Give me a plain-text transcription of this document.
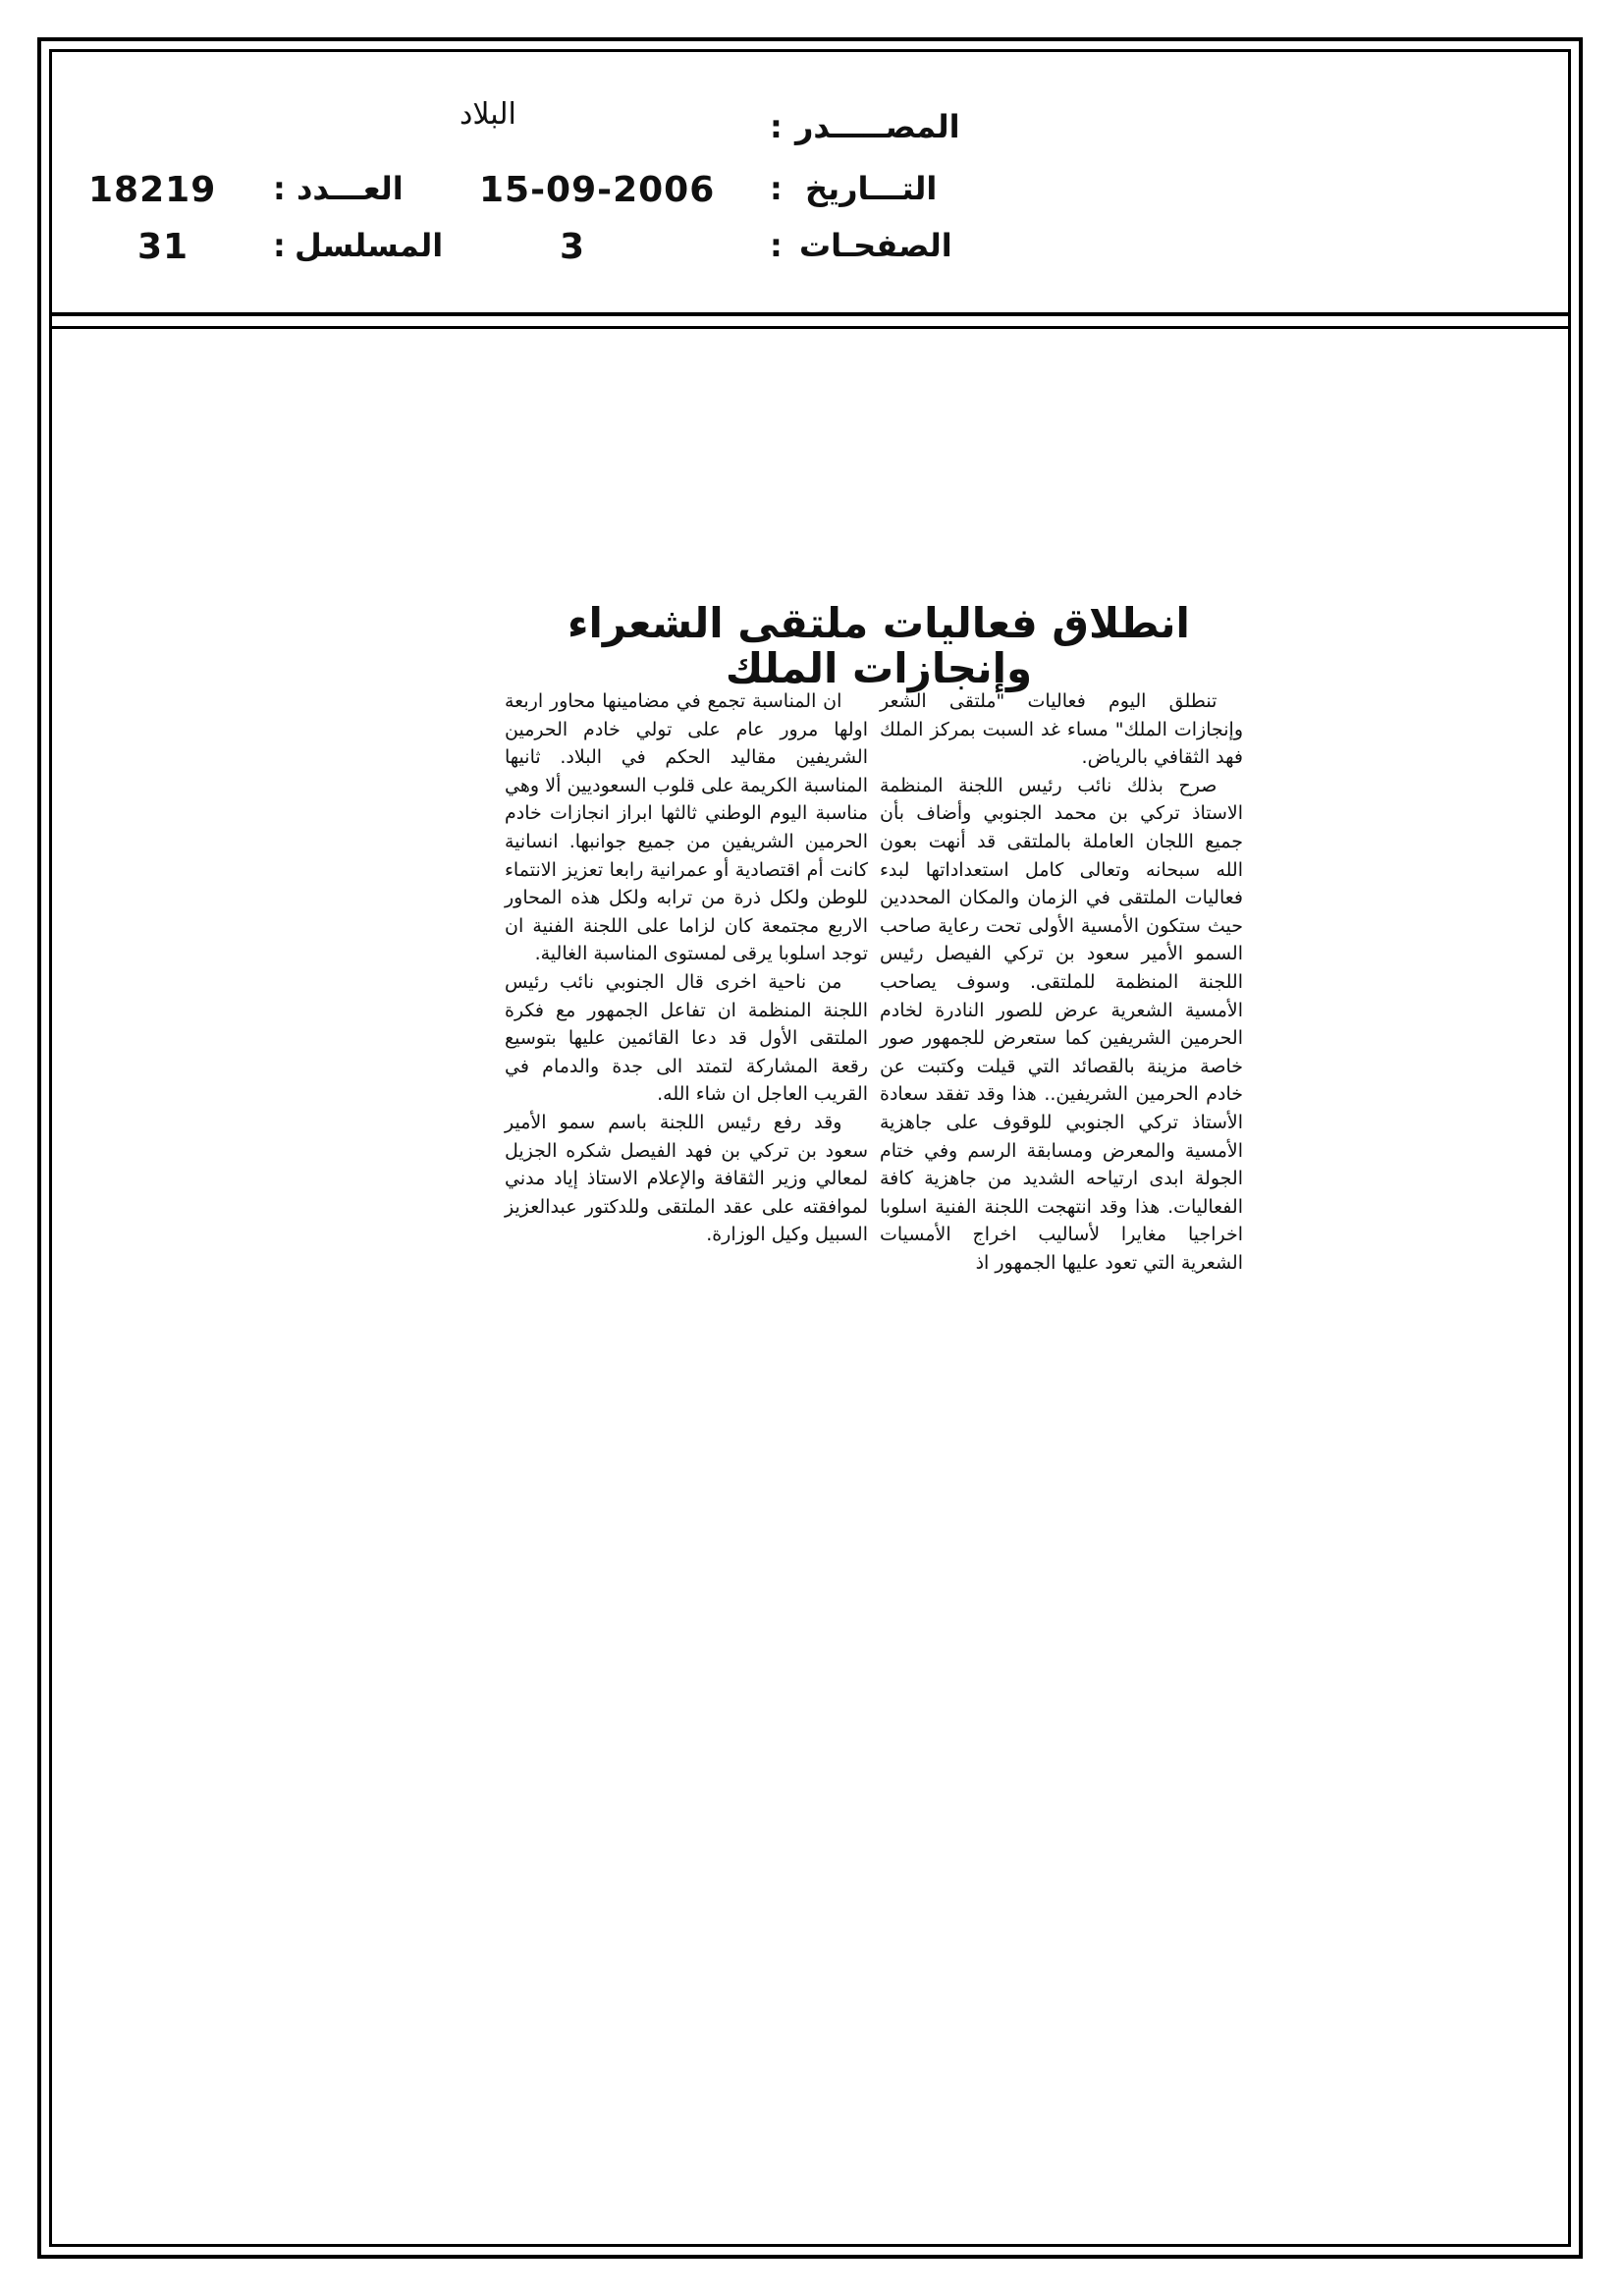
المصـــــدر
:
البلاد
التـــاريخ
:
15-09-2006
العـــدد
:
18219
الصفحـات
:
3
المسلسل
:
31
انطلاق فعاليات ملتقى الشعراء وإنجازات الملك

تنطلق اليوم فعاليات "ملتقى الشعر وإنجازات الملك" مساء غد السبت بمركز الملك فهد الثقافي بالرياض.

صرح بذلك نائب رئيس اللجنة المنظمة الاستاذ تركي بن محمد الجنوبي وأضاف بأن جميع اللجان العاملة بالملتقى قد أنهت بعون الله سبحانه وتعالى كامل استعداداتها لبدء فعاليات الملتقى في الزمان والمكان المحددين حيث ستكون الأمسية الأولى تحت رعاية صاحب السمو الأمير سعود بن تركي الفيصل رئيس اللجنة المنظمة للملتقى. وسوف يصاحب الأمسية الشعرية عرض للصور النادرة لخادم الحرمين الشريفين كما ستعرض للجمهور صور خاصة مزينة بالقصائد التي قيلت وكتبت عن خادم الحرمين الشريفين.. هذا وقد تفقد سعادة الأستاذ تركي الجنوبي للوقوف على جاهزية الأمسية والمعرض ومسابقة الرسم وفي ختام الجولة ابدى ارتياحه الشديد من جاهزية كافة الفعاليات. هذا وقد انتهجت اللجنة الفنية اسلوبا اخراجيا مغايرا لأساليب اخراج الأمسيات الشعرية التي تعود عليها الجمهور اذ

ان المناسبة تجمع في مضامينها محاور اربعة اولها مرور عام على تولي خادم الحرمين الشريفين مقاليد الحكم في البلاد. ثانيها المناسبة الكريمة على قلوب السعوديين ألا وهي مناسبة اليوم الوطني ثالثها ابراز انجازات خادم الحرمين الشريفين من جميع جوانبها. انسانية كانت أم اقتصادية أو عمرانية رابعا تعزيز الانتماء للوطن ولكل ذرة من ترابه ولكل هذه المحاور الاربع مجتمعة كان لزاما على اللجنة الفنية ان توجد اسلوبا يرقى لمستوى المناسبة الغالية.

من ناحية اخرى قال الجنوبي نائب رئيس اللجنة المنظمة ان تفاعل الجمهور مع فكرة الملتقى الأول قد دعا القائمين عليها بتوسيع رقعة المشاركة لتمتد الى جدة والدمام في القريب العاجل ان شاء الله.

وقد رفع رئيس اللجنة باسم سمو الأمير سعود بن تركي بن فهد الفيصل شكره الجزيل لمعالي وزير الثقافة والإعلام الاستاذ إياد مدني لموافقته على عقد الملتقى وللدكتور عبدالعزيز السبيل وكيل الوزارة.
